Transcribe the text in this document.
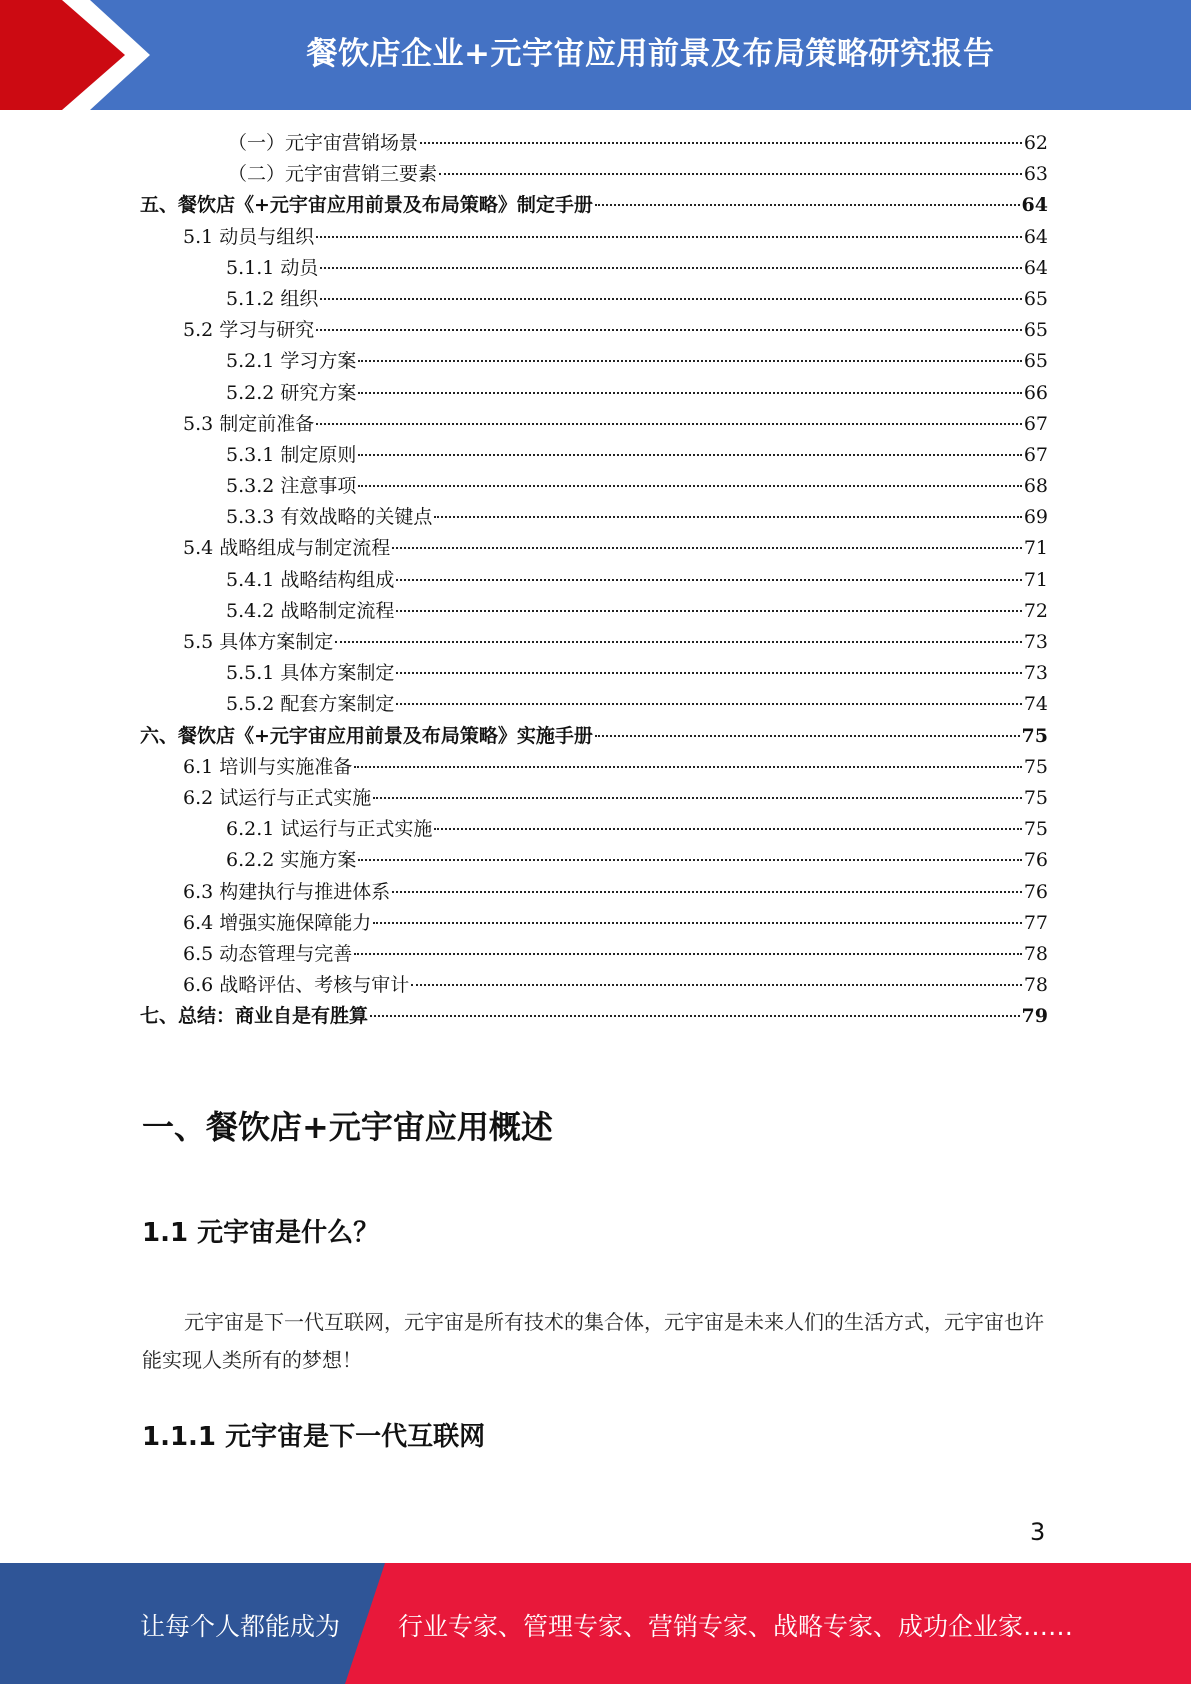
餐饮店企业+元宇宙应用前景及布局策略研究报告
（一）元宇宙营销场景	62
（二）元宇宙营销三要素	63
五、餐饮店《+元宇宙应用前景及布局策略》制定手册	64
5.1 动员与组织	64
5.1.1 动员	64
5.1.2 组织	65
5.2 学习与研究	65
5.2.1 学习方案	65
5.2.2 研究方案	66
5.3 制定前准备	67
5.3.1 制定原则	67
5.3.2 注意事项	68
5.3.3 有效战略的关键点	69
5.4 战略组成与制定流程	71
5.4.1 战略结构组成	71
5.4.2 战略制定流程	72
5.5 具体方案制定	73
5.5.1 具体方案制定	73
5.5.2 配套方案制定	74
六、餐饮店《+元宇宙应用前景及布局策略》实施手册	75
6.1 培训与实施准备	75
6.2 试运行与正式实施	75
6.2.1 试运行与正式实施	75
6.2.2 实施方案	76
6.3 构建执行与推进体系	76
6.4 增强实施保障能力	77
6.5 动态管理与完善	78
6.6 战略评估、考核与审计	78
七、总结：商业自是有胜算	79
一、餐饮店+元宇宙应用概述
1.1 元宇宙是什么？
元宇宙是下一代互联网，元宇宙是所有技术的集合体，元宇宙是未来人们的生活方式，元宇宙也许能实现人类所有的梦想！
1.1.1 元宇宙是下一代互联网
3
让每个人都能成为 行业专家、管理专家、营销专家、战略专家、成功企业家……
